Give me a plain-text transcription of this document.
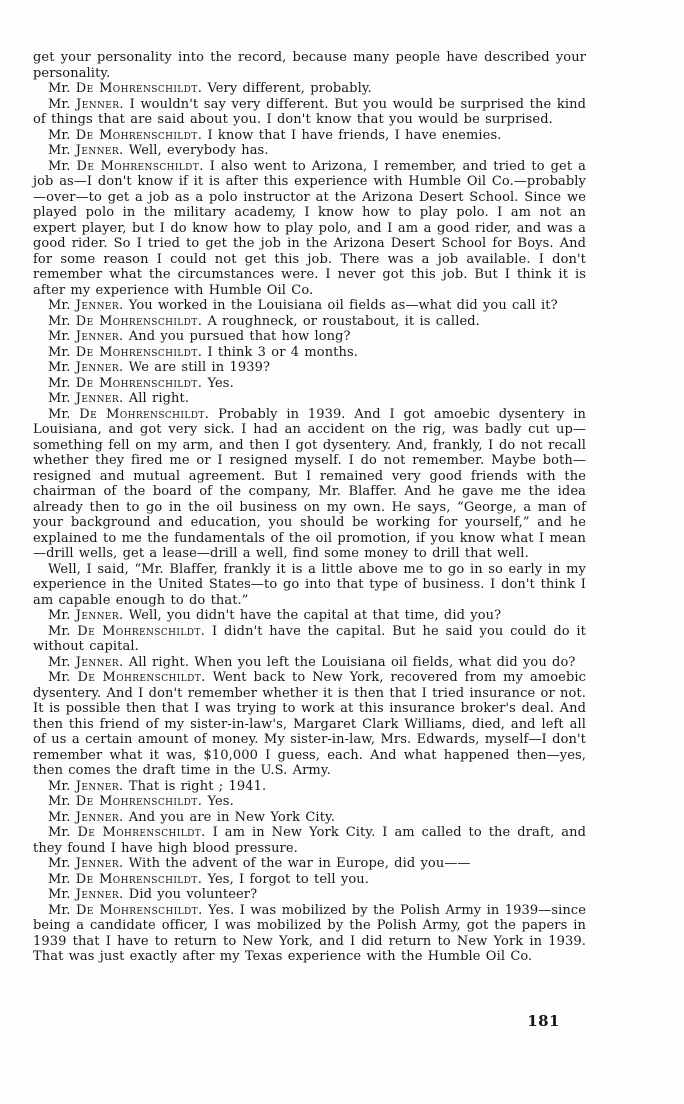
get your personality into the record, because many people have described your personality.

Mr. De Mohrenschildt. Very different, probably.

Mr. Jenner. I wouldn't say very different. But you would be surprised the kind of things that are said about you. I don't know that you would be surprised.

Mr. De Mohrenschildt. I know that I have friends, I have enemies.

Mr. Jenner. Well, everybody has.

Mr. De Mohrenschildt. I also went to Arizona, I remember, and tried to get a job as—I don't know if it is after this experience with Humble Oil Co.—probably—over—to get a job as a polo instructor at the Arizona Desert School. Since we played polo in the military academy, I know how to play polo. I am not an expert player, but I do know how to play polo, and I am a good rider, and was a good rider. So I tried to get the job in the Arizona Desert School for Boys. And for some reason I could not get this job. There was a job available. I don't remember what the circumstances were. I never got this job. But I think it is after my experience with Humble Oil Co.

Mr. Jenner. You worked in the Louisiana oil fields as—what did you call it?

Mr. De Mohrenschildt. A roughneck, or roustabout, it is called.

Mr. Jenner. And you pursued that how long?

Mr. De Mohrenschildt. I think 3 or 4 months.

Mr. Jenner. We are still in 1939?

Mr. De Mohrenschildt. Yes.

Mr. Jenner. All right.

Mr. De Mohrenschildt. Probably in 1939. And I got amoebic dysentery in Louisiana, and got very sick. I had an accident on the rig, was badly cut up—something fell on my arm, and then I got dysentery. And, frankly, I do not recall whether they fired me or I resigned myself. I do not remember. Maybe both—resigned and mutual agreement. But I remained very good friends with the chairman of the board of the company, Mr. Blaffer. And he gave me the idea already then to go in the oil business on my own. He says, “George, a man of your background and education, you should be working for yourself,” and he explained to me the fundamentals of the oil promotion, if you know what I mean—drill wells, get a lease—drill a well, find some money to drill that well.

Well, I said, “Mr. Blaffer, frankly it is a little above me to go in so early in my experience in the United States—to go into that type of business. I don't think I am capable enough to do that.”

Mr. Jenner. Well, you didn't have the capital at that time, did you?

Mr. De Mohrenschildt. I didn't have the capital. But he said you could do it without capital.

Mr. Jenner. All right. When you left the Louisiana oil fields, what did you do?

Mr. De Mohrenschildt. Went back to New York, recovered from my amoebic dysentery. And I don't remember whether it is then that I tried insurance or not. It is possible then that I was trying to work at this insurance broker's deal. And then this friend of my sister-in-law's, Margaret Clark Williams, died, and left all of us a certain amount of money. My sister-in-law, Mrs. Edwards, myself—I don't remember what it was, $10,000 I guess, each. And what happened then—yes, then comes the draft time in the U.S. Army.

Mr. Jenner. That is right ; 1941.

Mr. De Mohrenschildt. Yes.

Mr. Jenner. And you are in New York City.

Mr. De Mohrenschildt. I am in New York City. I am called to the draft, and they found I have high blood pressure.

Mr. Jenner. With the advent of the war in Europe, did you——

Mr. De Mohrenschildt. Yes, I forgot to tell you.

Mr. Jenner. Did you volunteer?

Mr. De Mohrenschildt. Yes. I was mobilized by the Polish Army in 1939—since being a candidate officer, I was mobilized by the Polish Army, got the papers in 1939 that I have to return to New York, and I did return to New York in 1939. That was just exactly after my Texas experience with the Humble Oil Co.

181
